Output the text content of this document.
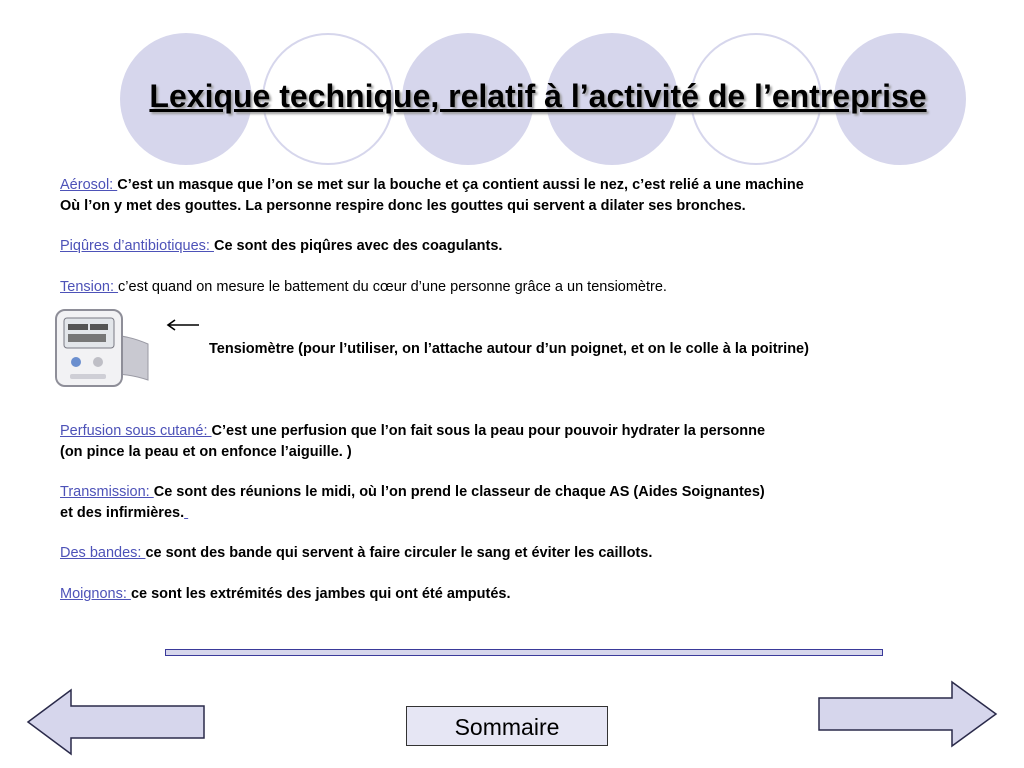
Lexique technique, relatif à l’activité de l’entreprise
Aérosol: C’est un masque que l’on se met sur la bouche et ça contient aussi le nez, c’est relié a une machine
Où l’on y met des gouttes. La personne respire donc les gouttes qui servent a dilater ses bronches.
Piqûres d’antibiotiques: Ce sont des piqûres avec des coagulants.
Tension: c’est quand on mesure le battement du cœur d’une personne grâce a un tensiomètre.
Tensiomètre (pour l’utiliser, on l’attache autour d’un poignet, et on le colle à la poitrine)
Perfusion sous cutané: C’est une perfusion que l’on fait sous la peau pour pouvoir hydrater la personne
(on pince la peau et on enfonce l’aiguille. )
Transmission: Ce sont des réunions le midi, où l’on prend le classeur de chaque AS (Aides Soignantes)
et des infirmières.
Des bandes: ce sont des bande qui servent à faire circuler le sang et éviter les caillots.
Moignons: ce sont les extrémités des jambes qui ont été amputés.
Sommaire
